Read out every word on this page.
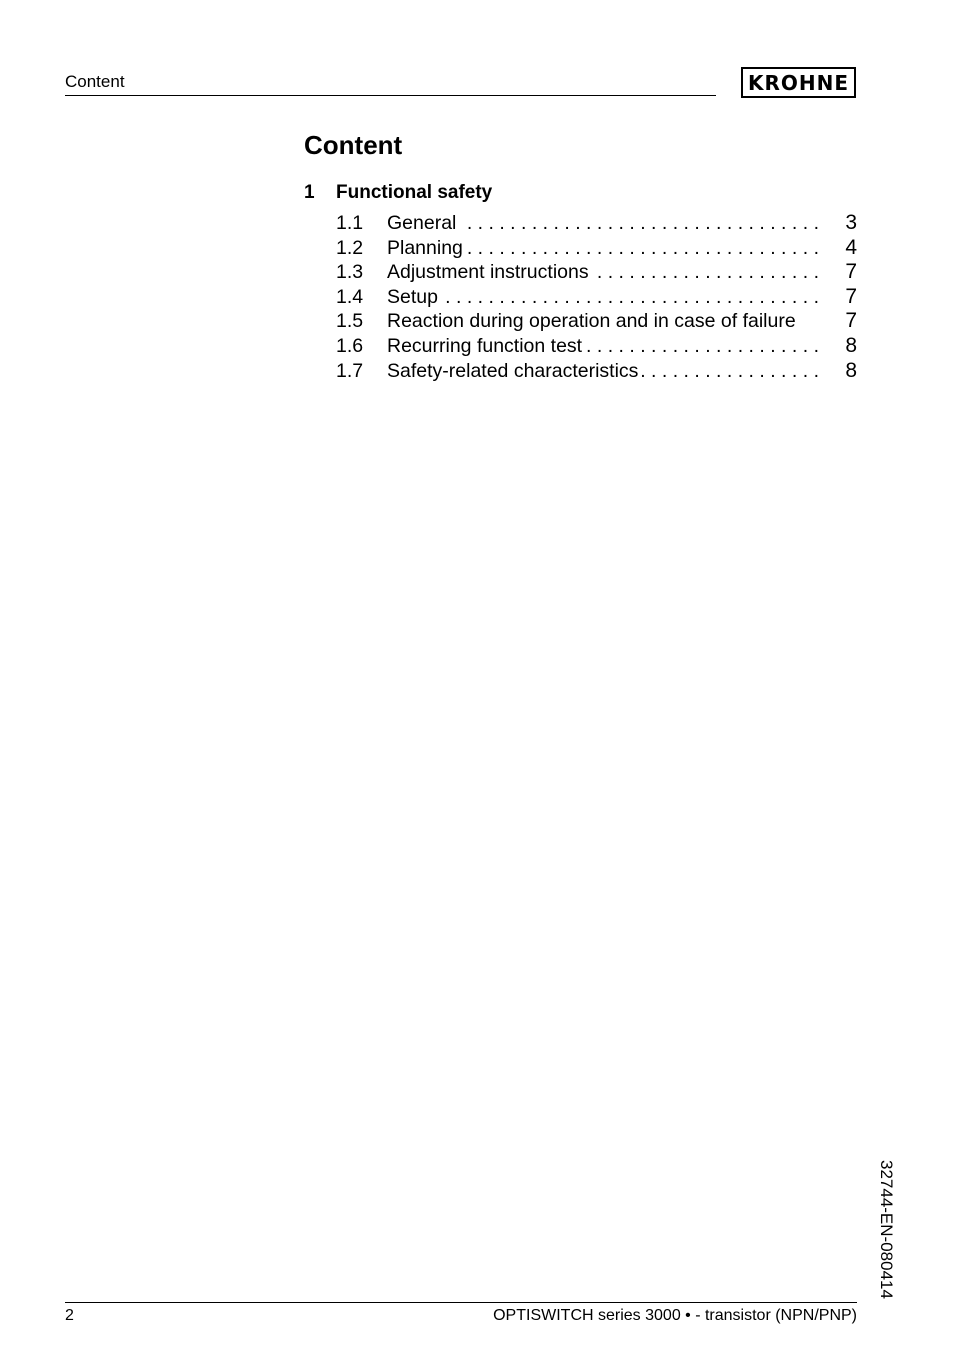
Content	KROHNE
Content
1 Functional safety
1.1 General . . .	3
1.2 Planning . . .	4
1.3 Adjustment instructions . . .	7
1.4 Setup . . .	7
1.5 Reaction during operation and in case of failure	7
1.6 Recurring function test . . .	8
1.7 Safety-related characteristics . . .	8
32744-EN-080414
2	OPTISWITCH series 3000 • - transistor (NPN/PNP)
